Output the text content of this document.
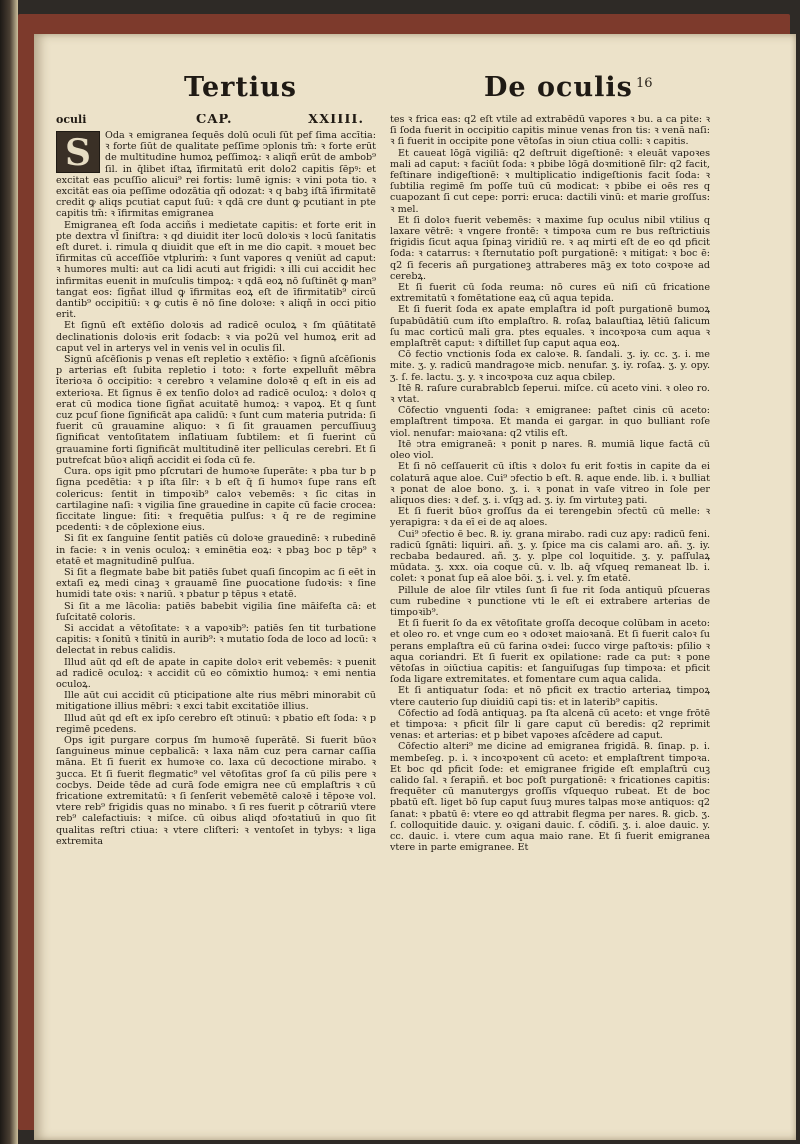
Tertius	De oculis 16
oculi	CAP.	XXIIII.
S	Oda ꝛ emigranea ſequēs dolū oculi ſūt pef ſima accītia: ꝛ forte ſiūt de qualitate peſſime ↄplonis tm̄: ꝛ forte erūt de multitudine humoꝝ peſſimoꝝ: ꝛ aliqñ erūt de ambob⁹ ſil. in q̄libet iſtaꝝ īfirmitatū erit dolo2 capitis ſēpꝰ: et excitat eas pcuſſio alicui⁹ rei fortis: lumē ignis: ꝛ vini pota tio. ꝛ excitāt eas oia peſſime odozātia qñ odozat: ꝛ q babꝫ iſtā īfirmitatē credit ꝙ aliqs pcutiat caput ſuū: ꝛ qdā cre dunt ꝙ pcutiant in pte capitis tm̄: ꝛ īfirmitas emigranea

Emigranea eſt ſoda acciñs i medietate capitis: et forte erit in pte dextra vl̄ ſiniſtra: ꝛ qd diuidit iter locū doloꝛis ꝛ locū ſanitatis eſt duret. i. rimula q diuidit que eſt in me dio capit. ꝛ mouet bec īfirmitas cū acceſſiōe vtpluriṁ: ꝛ ſunt vapores q veniūt ad caput: ꝛ humores multi: aut ca lidi acuti aut frigidi: ꝛ illi cui accidit hec infirmitas euenit in muſculis timpoꝝ: ꝛ qdā eoꝝ nō ſuſtinēt ꝙ man⁹ tangat eos: ſigñat illud ꝙ īfirmitas eoꝝ eſt de īfirmitatib⁹ circū dantib⁹ occipitiū: ꝛ ꝙ cutis ē nō ſine doloꝛe: ꝛ aliqñ in occi pitio erit.

Et ſignū eſt extēſio doloꝛis ad radicē oculoꝝ ꝛ ſm qūātitatē declinationis doloꝛis erit ſodacb: ꝛ via po2ū vel humoꝝ erit ad caput vel in arterys vel in venis vel in oculis ſil.

Signū aſcēſionis p venas eſt repletio ꝛ extēſio: ꝛ ſignū aſcēſionis p arterias eſt ſubita repletio i toto: ꝛ forte expelluñt mēbra īterioꝛa ō occipitio: ꝛ cerebro ꝛ velamine doloꝛē q eſt in eis ad exterioꝛa. Et ſignus ē ex tenſio doloꝛ ad radicē oculoꝝ: ꝛ doloꝛ q erat cū modica tione ſigñat acuitatē humoꝝ: ꝛ vapoꝝ. Et q ſunt cuz pcuſ ſione ſignificāt apa calidū: ꝛ ſunt cum materia putrida: ſi fuerit cū grauamine aliquo: ꝛ ſi ſit grauamen percuſſiuuꝫ ſignificat ventoſitatem inſlatiuam ſubtilem: et ſi fuerint cū grauamine forti ſignificāt multitudinē iter pelliculas cerebri. Et ſi putrefcat būoꝛ aliqñ accidit ei ſoda cū fe.

Cura. ops igit pmo pſcrutari de humoꝛe ſuperāte: ꝛ pba tur b p ſigna pcedētia: ꝛ p iſta ſilr: ꝛ b eſt q̄ ſi humoꝛ ſupe rans eſt colericus: ſentit in timpoꝛib⁹ caloꝛ vebemēs: ꝛ ſic citas in cartilagine naſi: ꝛ vigilia ſine grauedine in capite cū facie crocea: ſiccitate lingue: ſiti: ꝛ frequētia pulſus: ꝛ q̄ re de regimine pcedenti: ꝛ de cōplexione eius.

Si ſit ex ſanguine ſentit patiēs cū doloꝛe grauedinē: ꝛ rubedinē in facie: ꝛ in venis oculoꝝ: ꝛ eminētia eoꝝ: ꝛ pbaꝫ boc p tēp⁹ ꝛ etatē et magnitudinē pulſua.

Si ſit a flegmate babe bit patiēs ſubet quaſi ſincopim ac ſi eēt in extaſi eꝝ medi cinaꝫ ꝛ grauamē ſine ꝑuocatione ſudoꝛis: ꝛ ſine humidi tate oꝛis: ꝛ nariū. ꝛ pbatur p tēpus ꝛ etatē.

Si ſit a me lācolia: patiēs babebit vigilia ſine māifeſta cā: et ſuſcitatē coloris.

Si accidat a vētoſitate: ꝛ a vapoꝛib⁹: patiēs ſen tit turbatione capitis: ꝛ ſonitū ꝛ tīnitū in aurib⁹: ꝛ mutatio ſoda de loco ad locū: ꝛ delectat in rebus calidis.

Illud aūt qd eſt de apate in capite doloꝛ erit vebemēs: ꝛ puenit ad radicē oculoꝝ: ꝛ accidit cū eo cōmixtio humoꝝ: ꝛ emi nentia oculoꝝ.

Ille aūt cui accidit cū pticipatione alte rius mēbri minorabit cū mitigatione illius mēbri: ꝛ exci tabit excitatiōe illius.

Illud aūt qd eſt ex ipſo cerebro eſt ↄtinuū: ꝛ pbatio eſt ſoda: ꝛ p regimē pcedens.

Ops igit purgare corpus ſm humoꝛē ſuperātē. Si fuerit būoꝛ ſanguineus minue cepbalicā: ꝛ laxa nām cuz pera carnar caſſia māna. Et ſi fuerit ex humoꝛe co. laxa cū decoctione mirabo. ꝛ ꝫucca. Et ſi fuerit flegmatic⁹ vel vētoſitas groſ ſa cū pilis pere ꝛ cocbys. Deide tēde ad curā ſode emigra nee cū emplaſtris ꝛ cū fricatione extremitatū: ꝛ ſi ſenſerit vebemētē caloꝛē i tēpoꝛe vol. vtere reb⁹ frigidis quas no minabo. ꝛ ſi res fuerit p cōtrariū vtere reb⁹ calefactiuis: ꝛ miſce. cū oibus aliqd ↄfoꝛtatiuū in quo ſit qualitas reſtri ctiua: ꝛ vtere cliſteri: ꝛ ventoſet in tybys: ꝛ liga extremita

tes ꝛ frica eas: q2 eſt vtile ad extrabēdū vapores ꝛ bu. a ca pite: ꝛ ſi ſoda fuerit in occipitio capitis minue venas fron tis: ꝛ venā naſi: ꝛ ſi fuerit in occipite pone vētoſas in ↄiun ctiua colli: ꝛ capitis.

Et caueat lōgā vigiliā: q2 deſtruit digeſtionē: ꝛ eleuāt vapoꝛes mali ad caput: ꝛ faciūt ſoda: ꝛ pbibe lōgā doꝛmitionē ſilr: q2 facit, feſtinare indigeſtionē: ꝛ multiplicatio indigeſtionis facit ſoda: ꝛ ſubtilia regimē ſm poſſe tuū cū modicat: ꝛ pbibe ei oēs res q cuapozant ſi cut cepe: porri: eruca: dactili vinū: et marie groſſus: ꝛ mel.

Et ſi doloꝛ fuerit vebemēs: ꝛ maxime ſup oculus nibil vtilius q laxare vētrē: ꝛ vngere frontē: ꝛ timpoꝛa cum re bus reſtrictiuis frigidis ſicut aqua ſpinaꝫ viridiū re. ꝛ aq mirti eſt de eo qd pficit ſoda: ꝛ catarrus: ꝛ ſternutatio poſt purgationē: ꝛ mitigat: ꝛ boc ē: q2 ſi feceris añ purgationeꝫ attraberes māꝫ ex toto coꝛpoꝛe ad cerebꝝ.

Et ſi fuerit cū ſoda reuma: nō cures eū niſi cū fricatione extremitatū ꝛ fomētatione eaꝝ cū aqua tepida.

Et ſi fuerit ſoda ex apate emplaſtra id poſt purgationē bumoꝝ ſupabūdātiū cum iſto emplaſtro. ℞. roſaꝝ balauſtiaꝝ lētiū ſalicum ſu mac corticū mali gra. ptes equales. ꝛ incoꝛpoꝛa cum aqua ꝛ emplaſtrēt caput: ꝛ diſtillet ſup caput aqua eoꝝ.

Cō fectio vnctionis ſoda ex caloꝛe. ℞. ſandali. ʒ. iy. cc. ʒ. i. me mite. ʒ. y. radicū mandragoꝛe micb. nenufar. ʒ. iy. roſaꝝ. ʒ. y. opy. ʒ. ſ. fe. lactu. ʒ. y. ꝛ incoꝛpoꝛa cuz aqua cbilep.

Itē ℞. raſure curabrablcb ſeperui. miſce. cū aceto vini. ꝛ oleo ro. ꝛ vtat.

Cōfectio vnguenti ſoda: ꝛ emigranee: paſtet cinis cū aceto: emplaſtrent timpoꝛa. Et manda ei gargar. in quo bulliant roſe viol. nenufar: maioꝛana: q2 vtilis eſt.

Itē ↄtra emigraneā: ꝛ ponit p nares. ℞. mumiā lique factā cū oleo viol.

Et ſi nō ceſſauerit cū iſtis ꝛ doloꝛ fu erit foꝛtis in capite da ei colaturā aque aloe. Cui⁹ ↄfectio b eſt. ℞. aque ende. lib. i. ꝛ bulliat ꝛ ponat de aloe bono. ʒ. i. ꝛ ponat in vaſe vitreo in ſole per aliquos dies: ꝛ def. ʒ. i. vſqꝫ ad. ʒ. iy. ſm virtuteꝫ pati.

Et ſi fuerit būoꝛ groſſus da ei terengebin ↄfectū cū melle: ꝛ yerapigra: ꝛ da eī ei de aq aloes.

Cui⁹ ↄfectio ē bec. ℞. iy. grana mirabo. radi cuz apy: radicū feni. radicū ſgnāti: liquiri. añ. ʒ. y. ſpice ma cis calami aro. añ. ʒ. iy. recbaba bedaured. añ. ʒ. y. plpe col loquitide. ʒ. y. paſſulaꝝ mūdata. ʒ. xxx. oia coque cū. v. lb. aq̄ vſqueq remaneat lb. i. colet: ꝛ ponat ſup eā aloe bōi. ʒ. i. vel. y. ſm etatē.

Pillule de aloe ſilr vtiles ſunt ſi fue rit ſoda antiquū pſcueras cum rubedine ꝛ punctione vti le eſt ei extrabere arterias de timpoꝛib⁹.

Et ſi fuerit ſo da ex vētoſitate groſſa decoque colūbam in aceto: et oleo ro. et vnge cum eo ꝛ odoꝛet maioꝛanā. Et ſi fuerit caloꝛ ſu perans emplaſtra eū cū farina oꝛdei: ſucco virge paſtoꝛis: pſilio ꝛ aqua coriandri. Et ſi fuerit ex opilatione: rade ca put: ꝛ pone vētoſas in ↄiūctiua capitis: et ſanguiſugas ſup timpoꝛa: et pficit ſoda ligare extremitates. et fomentare cum aqua calida.

Et ſi antiquatur ſoda: et nō pficit ex tractio arteriaꝝ timpoꝝ vtere cauterio ſup diuidiū capi tis: et in laterib⁹ capitis.

Cōfectio ad ſodā antiquaꝫ. pa ſta alcenā cū aceto: et vnge frōtē et timpoꝛa: ꝛ pficit ſilr li gare caput cū beredis: q2 reprimit venas: et arterias: et p bibet vapoꝛes aſcēdere ad caput.

Cōfectio alteri⁹ me dicine ad emigranea frigidā. ℞. ſinap. p. i. membeſeg. p. i. ꝛ incoꝛpoꝛent cū aceto: et emplaſtrent timpoꝛa. Et boc qd pficit ſode: et emigranee frigide eſt emplaſtrū cuꝫ calido ſal. ꝛ ſerapiñ. et boc poſt purgationē: ꝛ fricationes capitis: frequēter cū manutergys groſſis vſquequo rubeat. Et de boc pbatū eſt. liget bō ſup caput ſuuꝫ mures talpas moꝛe antiquos: q2 ſanat: ꝛ pbatū ē: vtere eo qd attrabit flegma per nares. ℞. gicb. ʒ. ſ. colloquitide dauic. y. oꝛigani dauic. ſ. cōdiſi. ʒ. i. aloe dauic. y. cc. dauic. i. vtere cum aqua maio rane. Et ſi fuerit emigranea vtere in parte emigranee. Et
